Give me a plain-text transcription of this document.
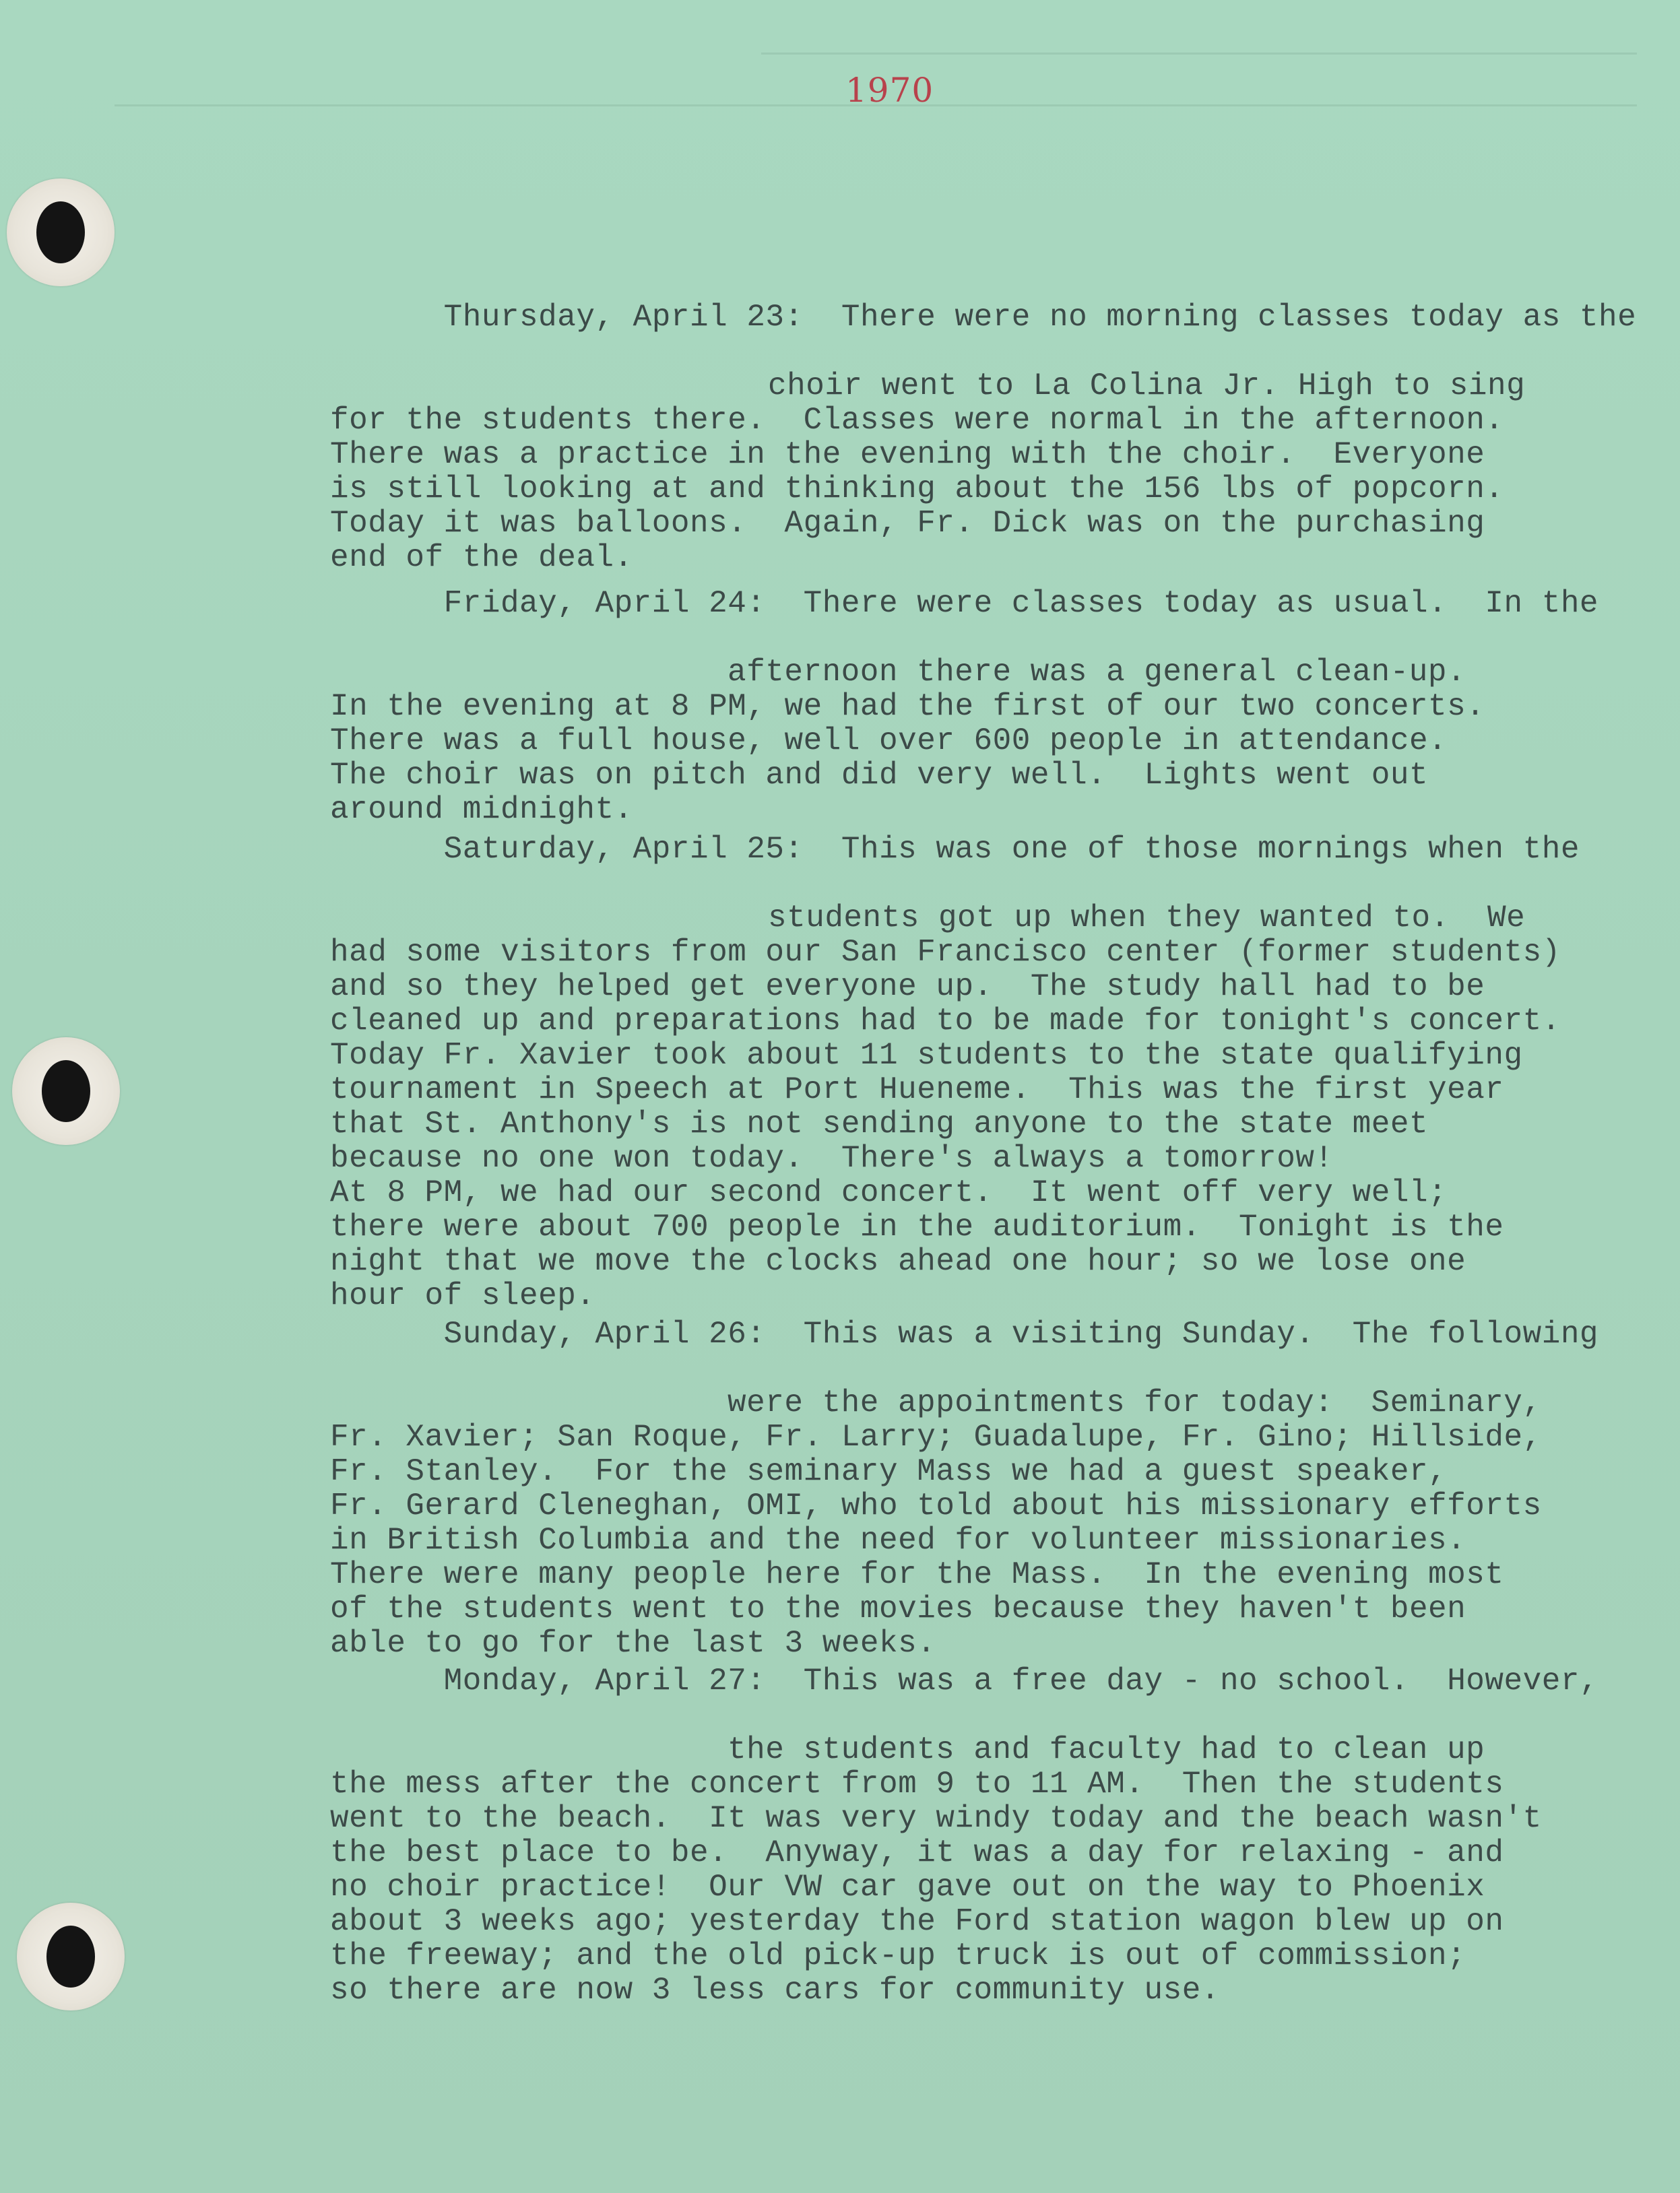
1970

Thursday, April 23: There were no morning classes today as the

choir went to La Colina Jr. High to sing
for the students there.  Classes were normal in the afternoon.
There was a practice in the evening with the choir.  Everyone
is still looking at and thinking about the 156 lbs of popcorn.
Today it was balloons.  Again, Fr. Dick was on the purchasing
end of the deal.

Friday, April 24: There were classes today as usual.  In the

afternoon there was a general clean-up.
In the evening at 8 PM, we had the first of our two concerts.
There was a full house, well over 600 people in attendance.
The choir was on pitch and did very well.  Lights went out
around midnight.

Saturday, April 25: This was one of those mornings when the

students got up when they wanted to.  We
had some visitors from our San Francisco center (former students)
and so they helped get everyone up.  The study hall had to be
cleaned up and preparations had to be made for tonight's concert.
Today Fr. Xavier took about 11 students to the state qualifying
tournament in Speech at Port Hueneme.  This was the first year
that St. Anthony's is not sending anyone to the state meet
because no one won today.  There's always a tomorrow!
At 8 PM, we had our second concert.  It went off very well;
there were about 700 people in the auditorium.  Tonight is the
night that we move the clocks ahead one hour; so we lose one
hour of sleep.

Sunday, April 26: This was a visiting Sunday.  The following

were the appointments for today:  Seminary,
Fr. Xavier; San Roque, Fr. Larry; Guadalupe, Fr. Gino; Hillside,
Fr. Stanley.  For the seminary Mass we had a guest speaker,
Fr. Gerard Cleneghan, OMI, who told about his missionary efforts
in British Columbia and the need for volunteer missionaries.
There were many people here for the Mass.  In the evening most
of the students went to the movies because they haven't been
able to go for the last 3 weeks.

Monday, April 27: This was a free day - no school.  However,

the students and faculty had to clean up
the mess after the concert from 9 to 11 AM.  Then the students
went to the beach.  It was very windy today and the beach wasn't
the best place to be.  Anyway, it was a day for relaxing - and
no choir practice!  Our VW car gave out on the way to Phoenix
about 3 weeks ago; yesterday the Ford station wagon blew up on
the freeway; and the old pick-up truck is out of commission;
so there are now 3 less cars for community use.
